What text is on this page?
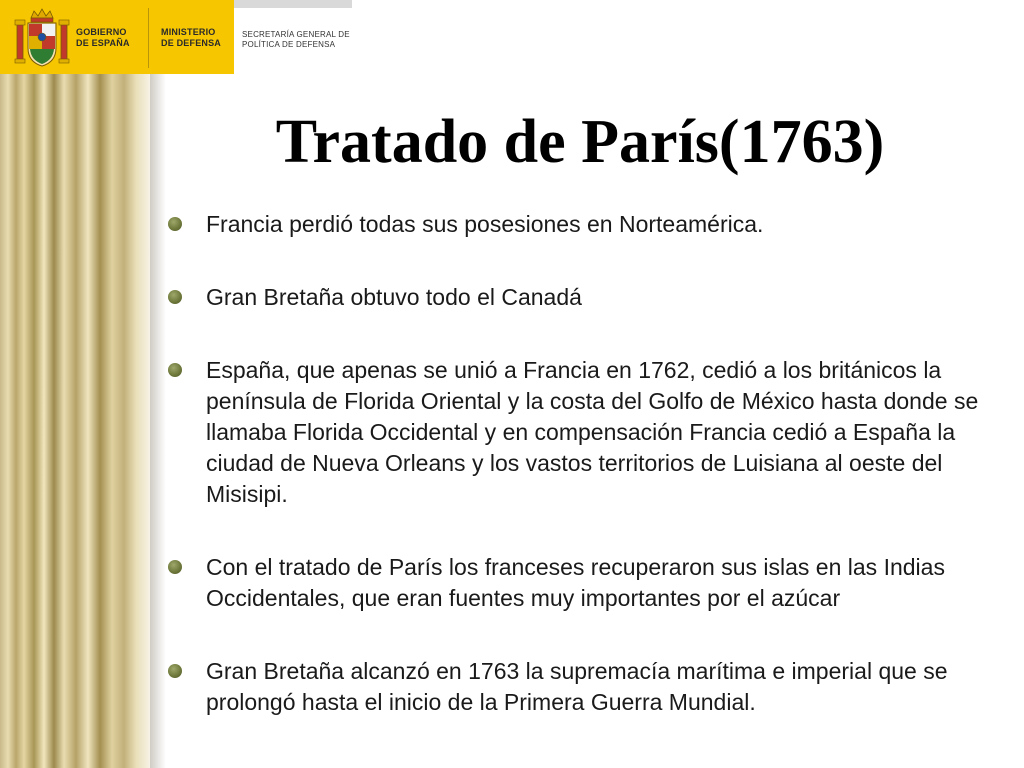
GOBIERNO
DE ESPAÑA
MINISTERIO
DE DEFENSA
SECRETARÍA GENERAL DE
POLÍTICA DE DEFENSA
Tratado de París(1763)
Francia perdió todas sus posesiones en Norteamérica.
Gran Bretaña obtuvo todo el Canadá
España, que apenas se unió a Francia en 1762, cedió a los británicos la península de Florida Oriental y la costa del Golfo de México hasta donde se llamaba Florida Occidental y en compensación Francia cedió a España la ciudad de Nueva Orleans y los vastos territorios de Luisiana al oeste del Misisipi.
Con el tratado de París los franceses recuperaron sus islas en las Indias Occidentales, que eran fuentes muy importantes por el azúcar
Gran Bretaña alcanzó en 1763 la supremacía marítima e imperial que se prolongó hasta el inicio de la Primera Guerra Mundial.
